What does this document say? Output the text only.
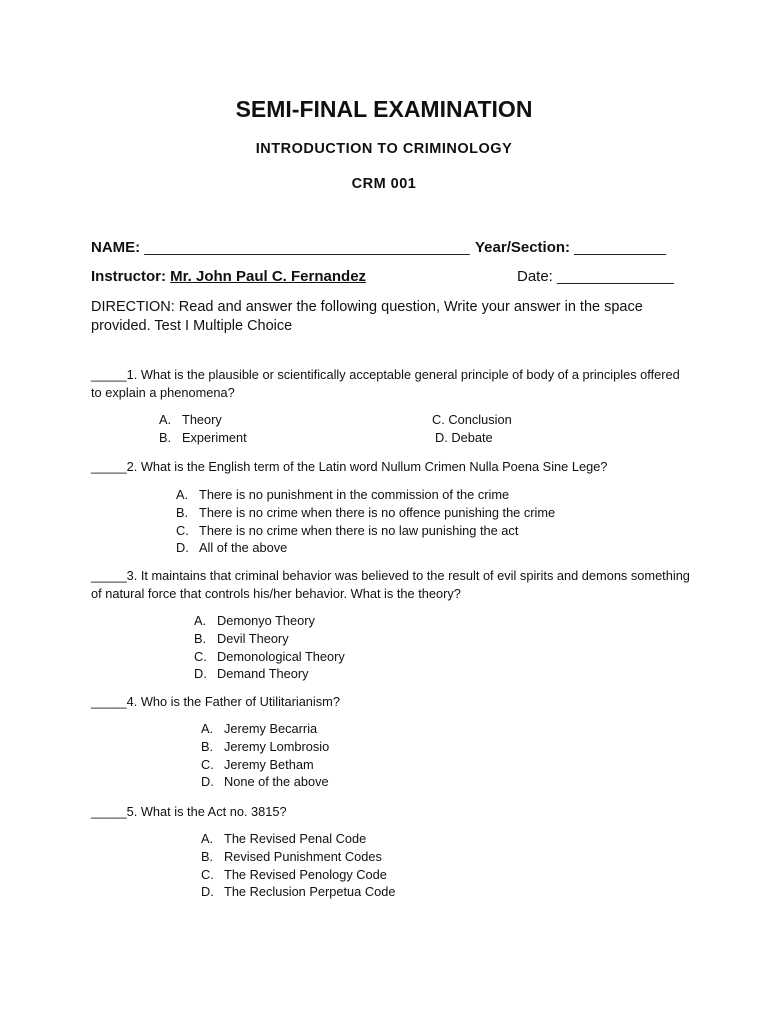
SEMI-FINAL EXAMINATION
INTRODUCTION TO CRIMINOLOGY
CRM 001
NAME: _______________________________________ Year/Section: ___________
Instructor: Mr. John Paul C. Fernandez	Date: ______________
DIRECTION: Read and answer the following question, Write your answer in the space provided. Test I Multiple Choice
_____1. What is the plausible or scientifically acceptable general principle of body of a principles offered to explain a phenomena?
A. Theory
B. Experiment
C. Conclusion
D. Debate
_____2. What is the English term of the Latin word Nullum Crimen Nulla Poena Sine Lege?
A. There is no punishment in the commission of the crime
B. There is no crime when there is no offence punishing the crime
C. There is no crime when there is no law punishing the act
D. All of the above
_____3. It maintains that criminal behavior was believed to the result of evil spirits and demons something of natural force that controls his/her behavior. What is the theory?
A. Demonyo Theory
B. Devil Theory
C. Demonological Theory
D. Demand Theory
_____4. Who is the Father of Utilitarianism?
A. Jeremy Becarria
B. Jeremy Lombrosio
C. Jeremy Betham
D. None of the above
_____5. What is the Act no. 3815?
A. The Revised Penal Code
B. Revised Punishment Codes
C. The Revised Penology Code
D. The Reclusion Perpetua Code
